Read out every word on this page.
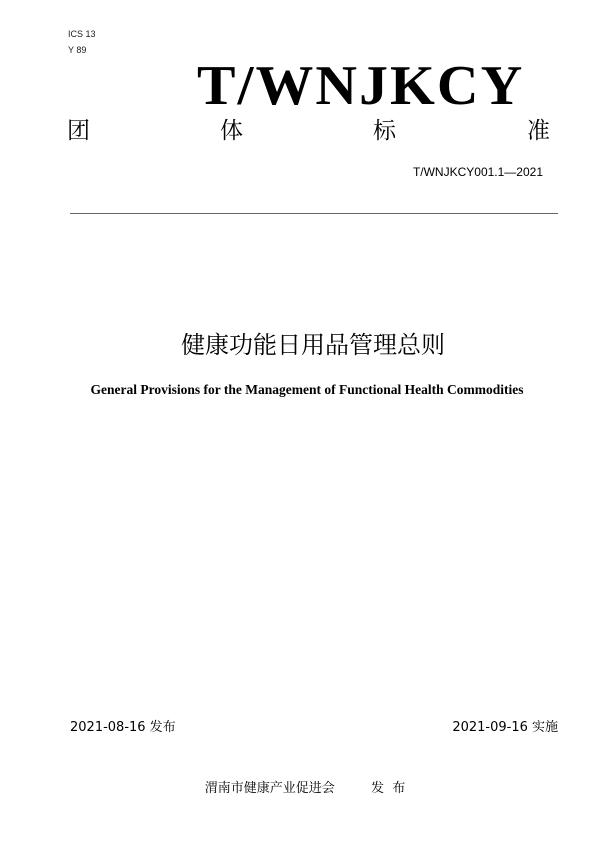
ICS 13
Y 89
T/WNJKCY
团	体	标	准
T/WNJKCY001.1—2021
健康功能日用品管理总则
General Provisions for the Management of Functional Health Commodities
2021-08-16 发布	2021-09-16 实施
渭南市健康产业促进会	发  布
